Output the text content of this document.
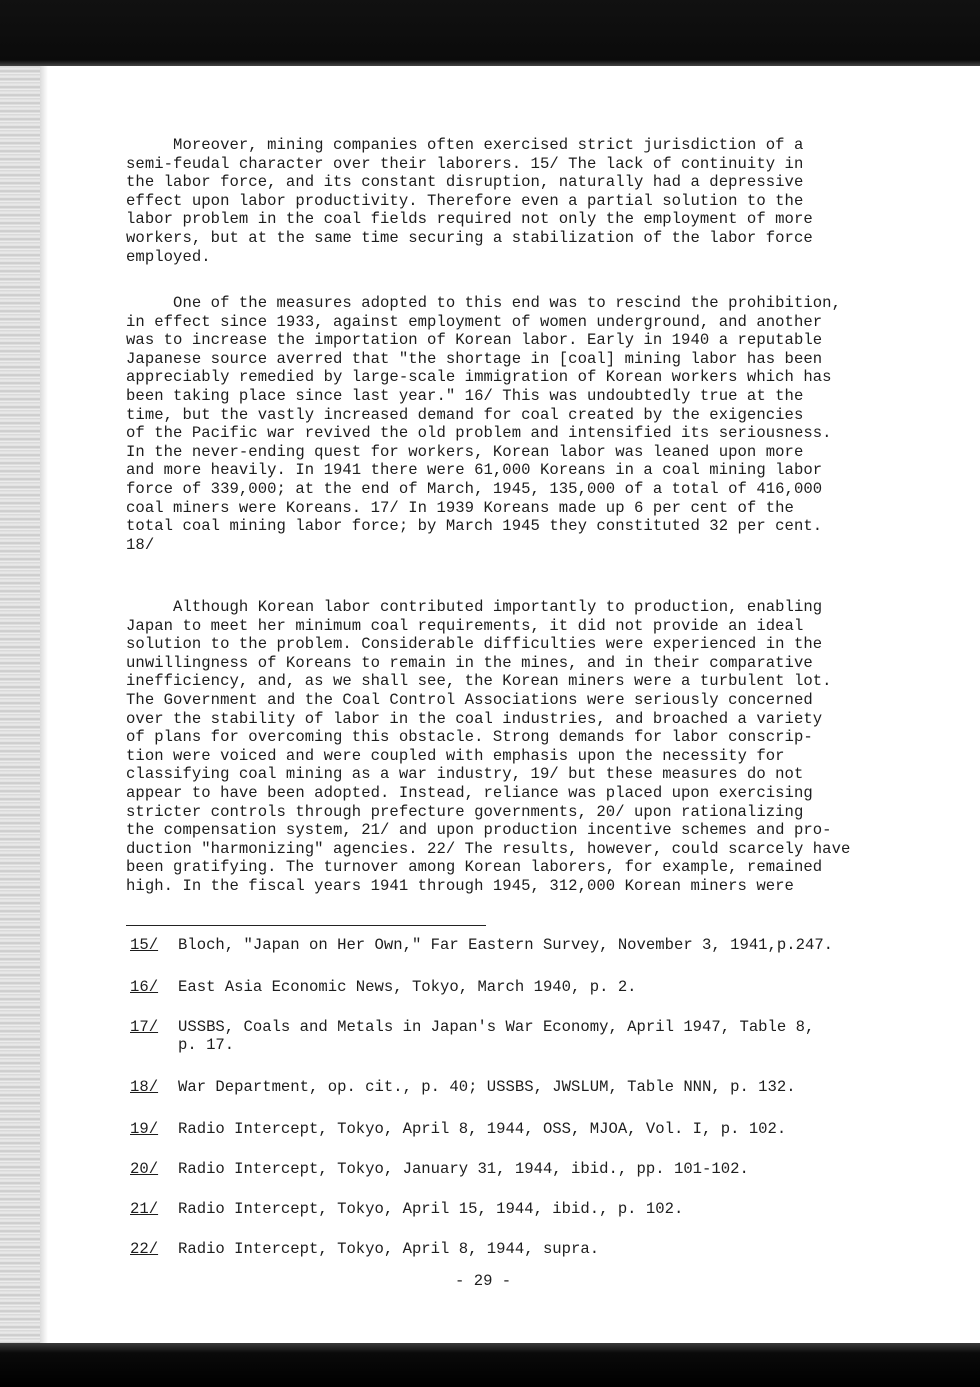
Moreover, mining companies often exercised strict jurisdiction of a
semi-feudal character over their laborers. 15/ The lack of continuity in
the labor force, and its constant disruption, naturally had a depressive
effect upon labor productivity. Therefore even a partial solution to the
labor problem in the coal fields required not only the employment of more
workers, but at the same time securing a stabilization of the labor force
employed.

One of the measures adopted to this end was to rescind the prohibition,
in effect since 1933, against employment of women underground, and another
was to increase the importation of Korean labor. Early in 1940 a reputable
Japanese source averred that "the shortage in [coal] mining labor has been
appreciably remedied by large-scale immigration of Korean workers which has
been taking place since last year." 16/ This was undoubtedly true at the
time, but the vastly increased demand for coal created by the exigencies
of the Pacific war revived the old problem and intensified its seriousness.
In the never-ending quest for workers, Korean labor was leaned upon more
and more heavily. In 1941 there were 61,000 Koreans in a coal mining labor
force of 339,000; at the end of March, 1945, 135,000 of a total of 416,000
coal miners were Koreans. 17/ In 1939 Koreans made up 6 per cent of the
total coal mining labor force; by March 1945 they constituted 32 per cent.
18/

Although Korean labor contributed importantly to production, enabling
Japan to meet her minimum coal requirements, it did not provide an ideal
solution to the problem. Considerable difficulties were experienced in the
unwillingness of Koreans to remain in the mines, and in their comparative
inefficiency, and, as we shall see, the Korean miners were a turbulent lot.
The Government and the Coal Control Associations were seriously concerned
over the stability of labor in the coal industries, and broached a variety
of plans for overcoming this obstacle. Strong demands for labor conscrip-
tion were voiced and were coupled with emphasis upon the necessity for
classifying coal mining as a war industry, 19/ but these measures do not
appear to have been adopted. Instead, reliance was placed upon exercising
stricter controls through prefecture governments, 20/ upon rationalizing
the compensation system, 21/ and upon production incentive schemes and pro-
duction "harmonizing" agencies. 22/ The results, however, could scarcely have
been gratifying. The turnover among Korean laborers, for example, remained
high. In the fiscal years 1941 through 1945, 312,000 Korean miners were

15/ Bloch, "Japan on Her Own," Far Eastern Survey, November 3, 1941,p.247.
16/ East Asia Economic News, Tokyo, March 1940, p. 2.
17/ USSBS, Coals and Metals in Japan's War Economy, April 1947, Table 8,
p. 17.
18/ War Department, op. cit., p. 40; USSBS, JWSLUM, Table NNN, p. 132.
19/ Radio Intercept, Tokyo, April 8, 1944, OSS, MJOA, Vol. I, p. 102.
20/ Radio Intercept, Tokyo, January 31, 1944, ibid., pp. 101-102.
21/ Radio Intercept, Tokyo, April 15, 1944, ibid., p. 102.
22/ Radio Intercept, Tokyo, April 8, 1944, supra.
- 29 -
